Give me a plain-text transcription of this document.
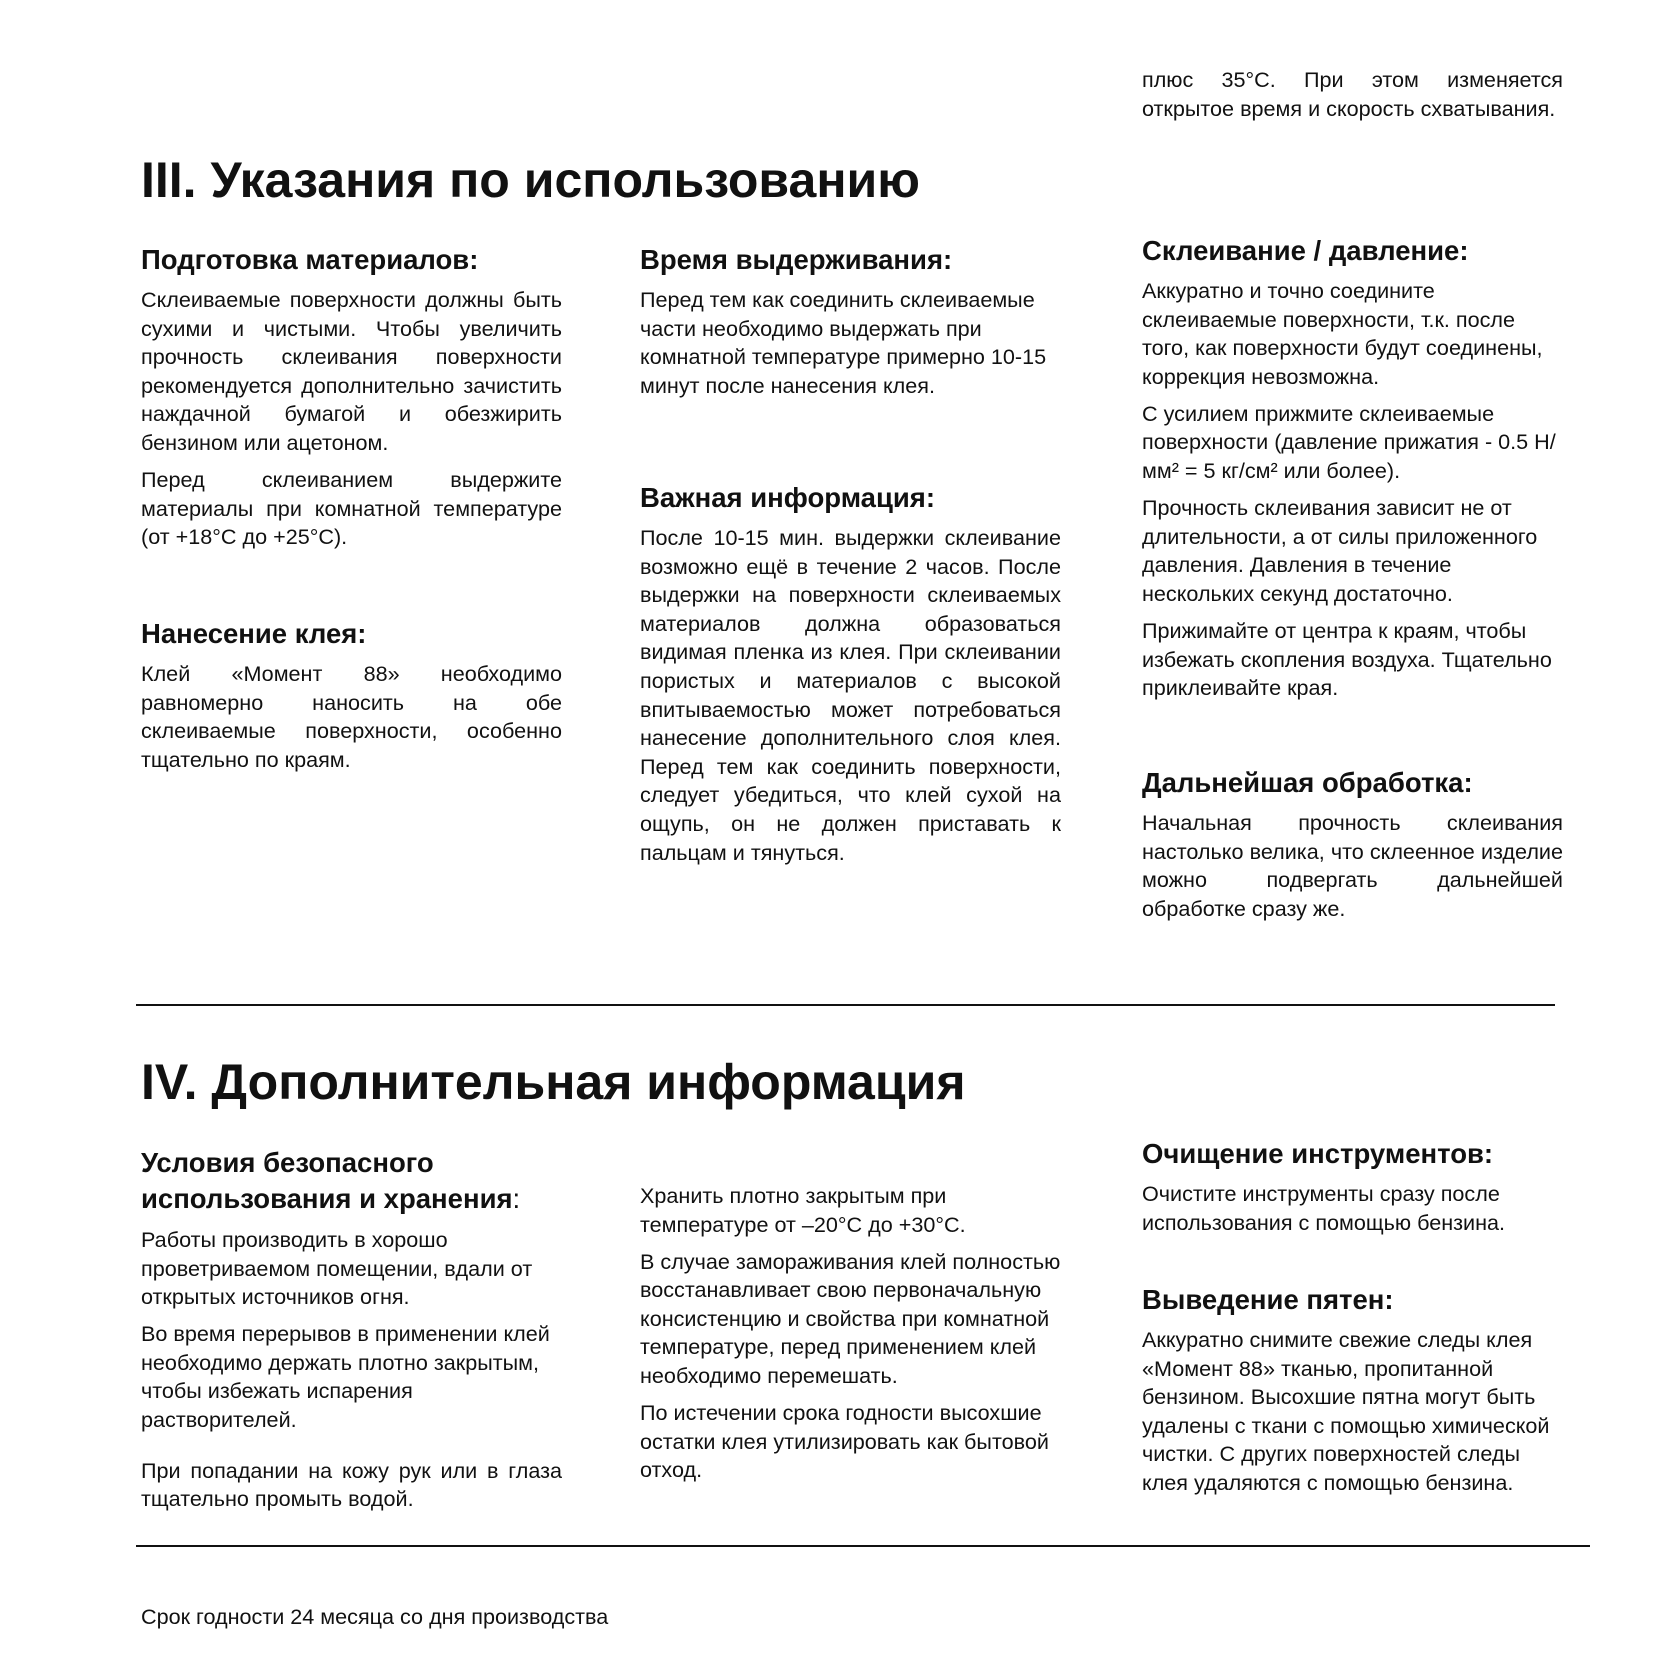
плюс 35°C. При этом изменяется открытое время и скорость схватывания.

III. Указания по использованию
Подготовка материалов:

Склеиваемые поверхности должны быть сухими и чистыми. Чтобы увеличить прочность склеивания поверхности рекомендуется дополнительно зачистить наждачной бумагой и обезжирить бензином или ацетоном.

Перед склеиванием выдержите материалы при комнатной температуре (от +18°C до +25°C).

Нанесение клея:

Клей «Момент 88» необходимо равномерно наносить на обе склеиваемые поверхности, особенно тщательно по краям.

Время выдерживания:

Перед тем как соединить склеиваемые части необходимо выдержать при комнатной температуре примерно 10-15 минут после нанесения клея.

Важная информация:

После 10-15 мин. выдержки склеивание возможно ещё в течение 2 часов. После выдержки на поверхности склеиваемых материалов должна образоваться видимая пленка из клея. При склеивании пористых и материалов с высокой впитываемостью может потребоваться нанесение дополнительного слоя клея. Перед тем как соединить поверхности, следует убедиться, что клей сухой на ощупь, он не должен приставать к пальцам и тянуться.

Склеивание / давление:

Аккуратно и точно соедините склеиваемые поверхности, т.к. после того, как поверхности будут соединены, коррекция невозможна.

С усилием прижмите склеиваемые поверхности (давление прижатия - 0.5 Н/мм² = 5 кг/см² или более).

Прочность склеивания зависит не от длительности, а от силы приложенного давления. Давления в течение нескольких секунд достаточно.

Прижимайте от центра к краям, чтобы избежать скопления воздуха. Тщательно приклеивайте края.

Дальнейшая обработка:

Начальная прочность склеивания настолько велика, что склеенное изделие можно подвергать дальнейшей обработке сразу же.

IV. Дополнительная информация
Условия безопасного использования и хранения:

Работы производить в хорошо проветриваемом помещении, вдали от открытых источников огня.

Во время перерывов в применении клей необходимо держать плотно закрытым, чтобы избежать испарения растворителей.

При попадании на кожу рук или в глаза тщательно промыть водой.

Хранить плотно закрытым при температуре от –20°C до +30°C.

В случае замораживания клей полностью восстанавливает свою первоначальную консистенцию и свойства при комнатной температуре, перед применением клей необходимо перемешать.

По истечении срока годности высохшие остатки клея утилизировать как бытовой отход.

Очищение инструментов:

Очистите инструменты сразу после использования с помощью бензина.

Выведение пятен:

Аккуратно снимите свежие следы клея «Момент 88» тканью, пропитанной бензином. Высохшие пятна могут быть удалены с ткани с помощью химической чистки. С других поверхностей следы клея удаляются с помощью бензина.

Срок годности 24 месяца со дня производства
